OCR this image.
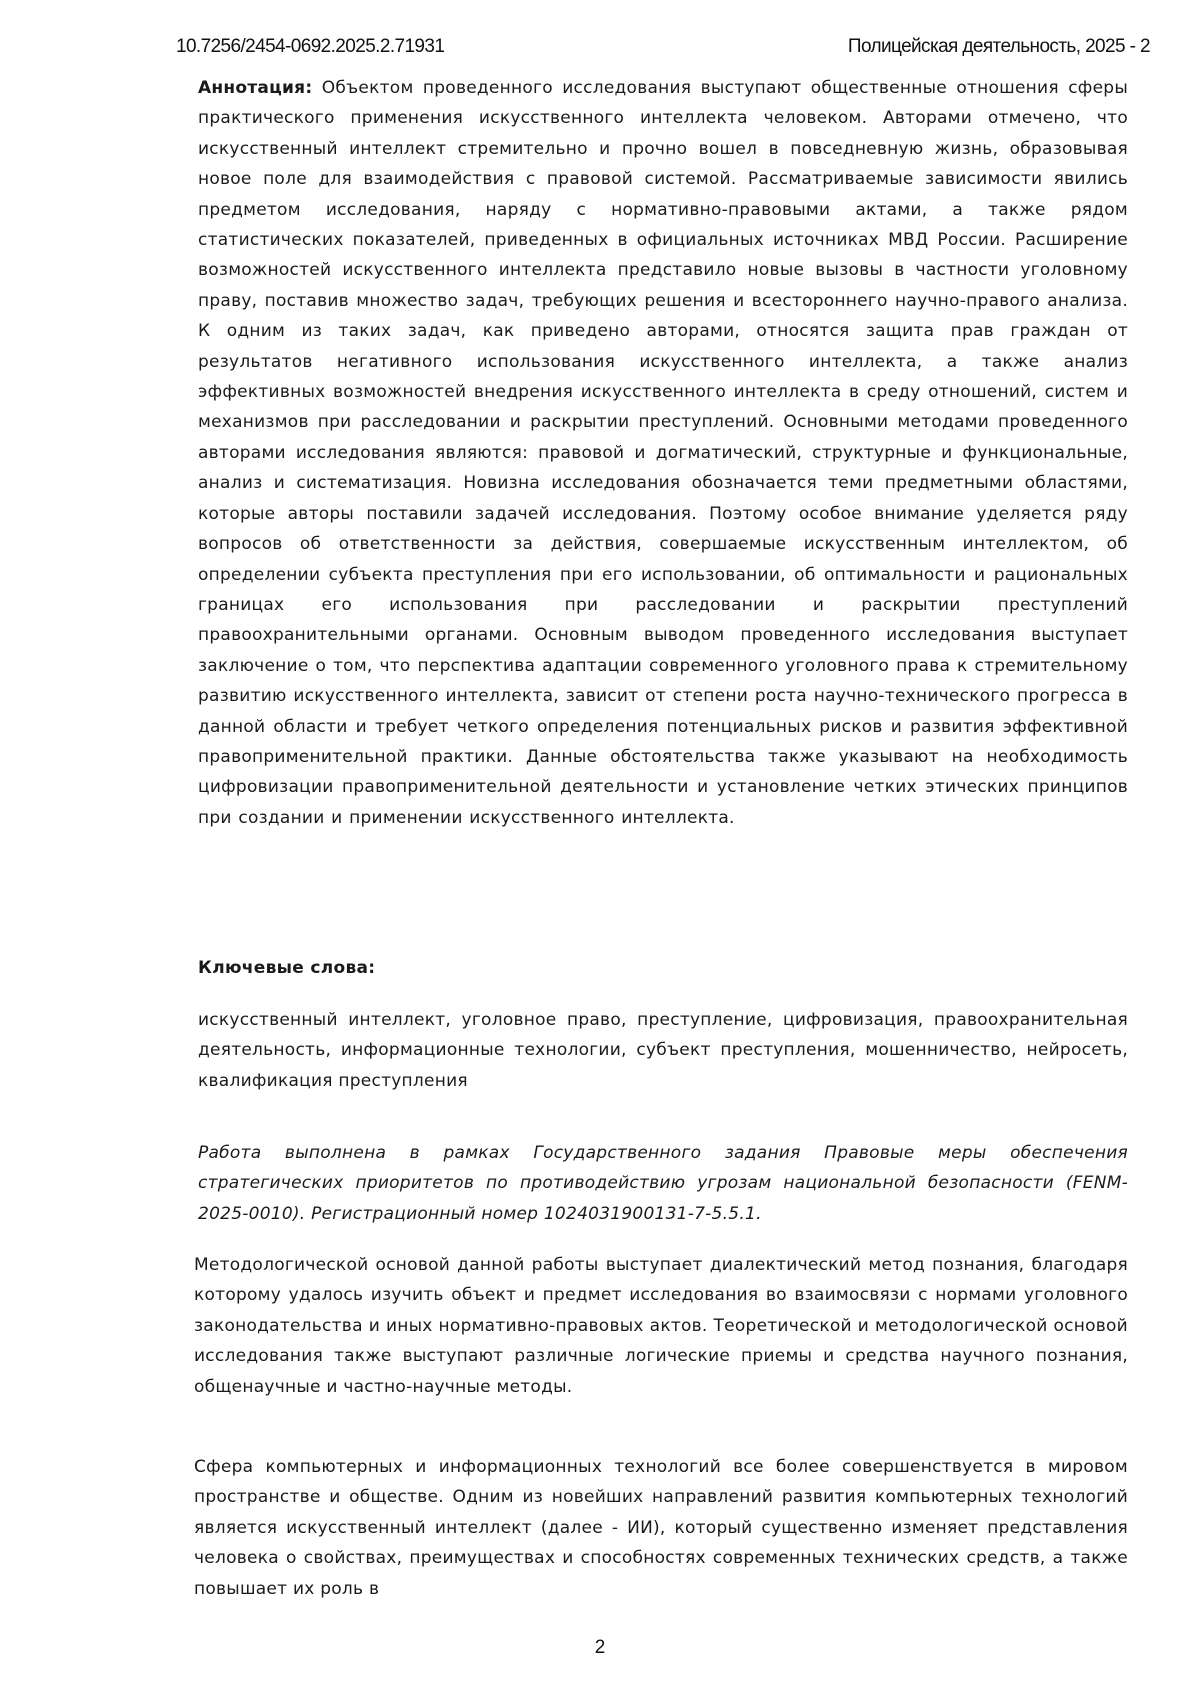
10.7256/2454-0692.2025.2.71931	Полицейская деятельность, 2025 - 2

Аннотация: Объектом проведенного исследования выступают общественные отношения сферы практического применения искусственного интеллекта человеком. Авторами отмечено, что искусственный интеллект стремительно и прочно вошел в повседневную жизнь, образовывая новое поле для взаимодействия с правовой системой. Рассматриваемые зависимости явились предметом исследования, наряду с нормативно-правовыми актами, а также рядом статистических показателей, приведенных в официальных источниках МВД России. Расширение возможностей искусственного интеллекта представило новые вызовы в частности уголовному праву, поставив множество задач, требующих решения и всестороннего научно-правого анализа. К одним из таких задач, как приведено авторами, относятся защита прав граждан от результатов негативного использования искусственного интеллекта, а также анализ эффективных возможностей внедрения искусственного интеллекта в среду отношений, систем и механизмов при расследовании и раскрытии преступлений. Основными методами проведенного авторами исследования являются: правовой и догматический, структурные и функциональные, анализ и систематизация. Новизна исследования обозначается теми предметными областями, которые авторы поставили задачей исследования. Поэтому особое внимание уделяется ряду вопросов об ответственности за действия, совершаемые искусственным интеллектом, об определении субъекта преступления при его использовании, об оптимальности и рациональных границах его использования при расследовании и раскрытии преступлений правоохранительными органами. Основным выводом проведенного исследования выступает заключение о том, что перспектива адаптации современного уголовного права к стремительному развитию искусственного интеллекта, зависит от степени роста научно-технического прогресса в данной области и требует четкого определения потенциальных рисков и развития эффективной правоприменительной практики. Данные обстоятельства также указывают на необходимость цифровизации правоприменительной деятельности и установление четких этических принципов при создании и применении искусственного интеллекта.

Ключевые слова:

искусственный интеллект, уголовное право, преступление, цифровизация, правоохранительная деятельность, информационные технологии, субъект преступления, мошенничество, нейросеть, квалификация преступления

Работа выполнена в рамках Государственного задания Правовые меры обеспечения стратегических приоритетов по противодействию угрозам национальной безопасности (FENM-2025-0010). Регистрационный номер 1024031900131-7-5.5.1.

Методологической основой данной работы выступает диалектический метод познания, благодаря которому удалось изучить объект и предмет исследования во взаимосвязи с нормами уголовного законодательства и иных нормативно-правовых актов. Теоретической и методологической основой исследования также выступают различные логические приемы и средства научного познания, общенаучные и частно-научные методы.

Сфера компьютерных и информационных технологий все более совершенствуется в мировом пространстве и обществе. Одним из новейших направлений развития компьютерных технологий является искусственный интеллект (далее - ИИ), который существенно изменяет представления человека о свойствах, преимуществах и способностях современных технических средств, а также повышает их роль в

2
